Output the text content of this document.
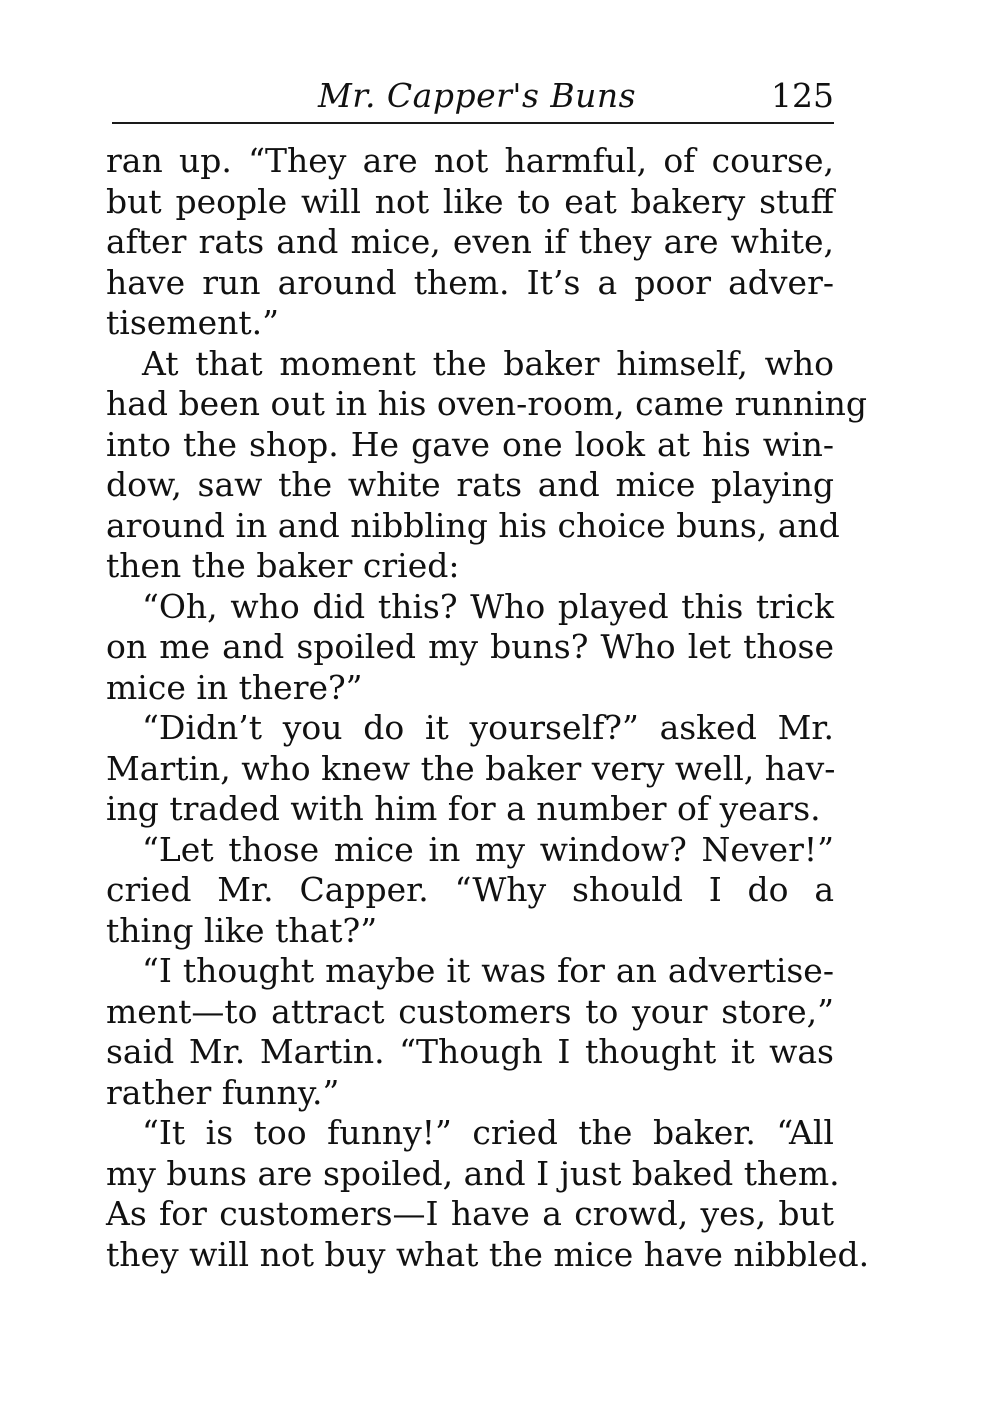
Mr. Capper's Buns	125
ran up. “They are not harmful, of course,
but people will not like to eat bakery stuff
after rats and mice, even if they are white,
have run around them. It’s a poor adver-
tisement.”
At that moment the baker himself, who
had been out in his oven-room, came running
into the shop. He gave one look at his win-
dow, saw the white rats and mice playing
around in and nibbling his choice buns, and
then the baker cried:
“Oh, who did this? Who played this trick
on me and spoiled my buns? Who let those
mice in there?”
“Didn’t you do it yourself?” asked Mr.
Martin, who knew the baker very well, hav-
ing traded with him for a number of years.
“Let those mice in my window? Never!”
cried Mr. Capper. “Why should I do a
thing like that?”
“I thought maybe it was for an advertise-
ment—to attract customers to your store,”
said Mr. Martin. “Though I thought it was
rather funny.”
“It is too funny!” cried the baker. “All
my buns are spoiled, and I just baked them.
As for customers—I have a crowd, yes, but
they will not buy what the mice have nibbled.
